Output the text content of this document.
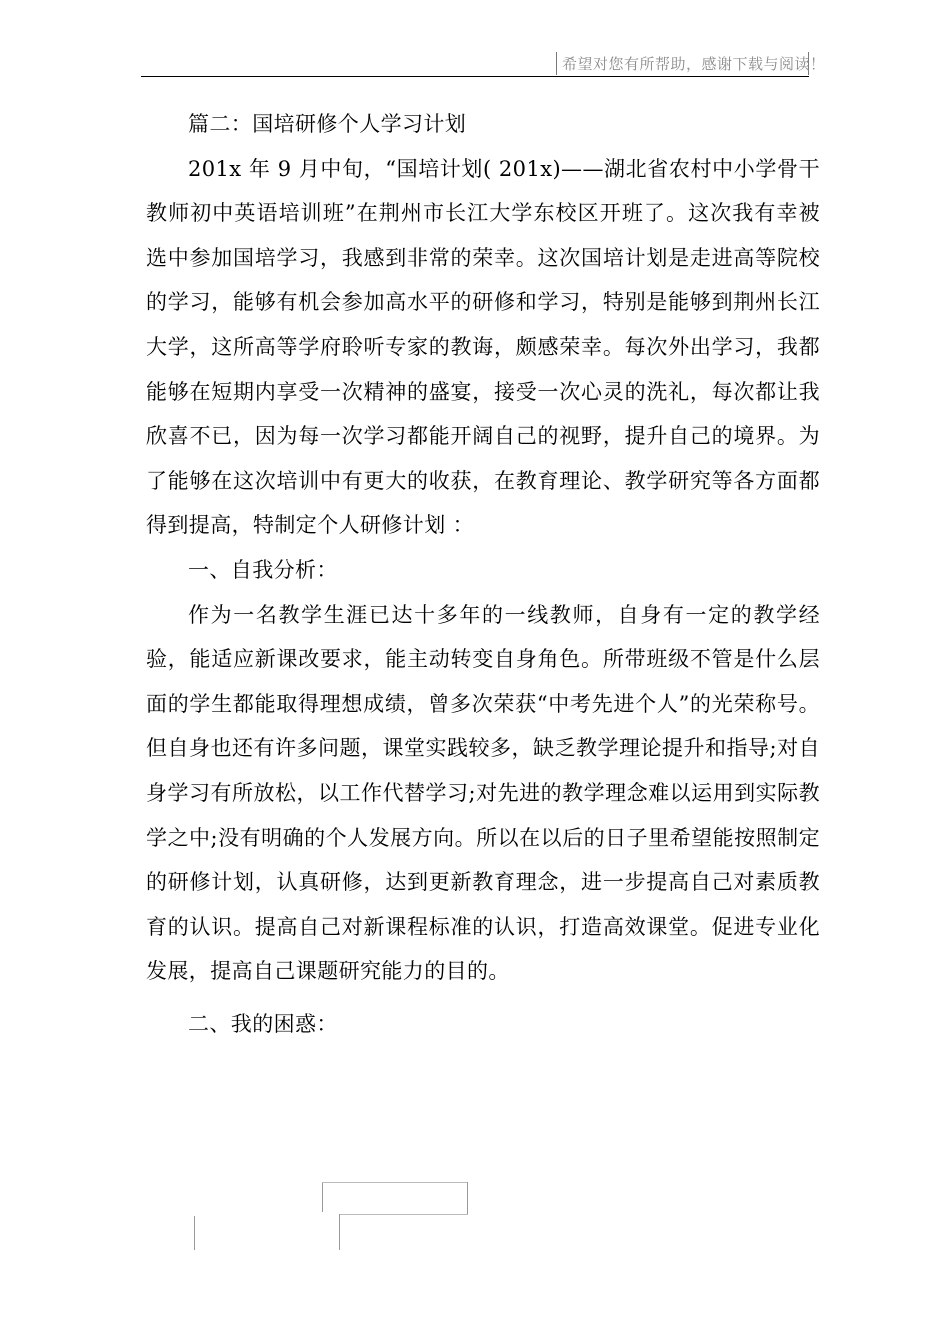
希望对您有所帮助，感谢下载与阅读！

篇二：国培研修个人学习计划

201x 年 9 月中旬，“国培计划( 201x)——湖北省农村中小学骨干教师初中英语培训班”在荆州市长江大学东校区开班了。这次我有幸被选中参加国培学习，我感到非常的荣幸。这次国培计划是走进高等院校的学习，能够有机会参加高水平的研修和学习，特别是能够到荆州长江大学，这所高等学府聆听专家的教诲，颇感荣幸。每次外出学习，我都能够在短期内享受一次精神的盛宴，接受一次心灵的洗礼，每次都让我欣喜不已，因为每一次学习都能开阔自己的视野，提升自己的境界。为了能够在这次培训中有更大的收获，在教育理论、教学研究等各方面都得到提高，特制定个人研修计划 ：

一、自我分析：

作为一名教学生涯已达十多年的一线教师，自身有一定的教学经验，能适应新课改要求，能主动转变自身角色。所带班级不管是什么层面的学生都能取得理想成绩，曾多次荣获“中考先进个人”的光荣称号。但自身也还有许多问题，课堂实践较多，缺乏教学理论提升和指导;对自身学习有所放松，以工作代替学习;对先进的教学理念难以运用到实际教学之中;没有明确的个人发展方向。所以在以后的日子里希望能按照制定的研修计划，认真研修，达到更新教育理念，进一步提高自己对素质教育的认识。提高自己对新课程标准的认识，打造高效课堂。促进专业化发展，提高自己课题研究能力的目的。

二、我的困惑：
